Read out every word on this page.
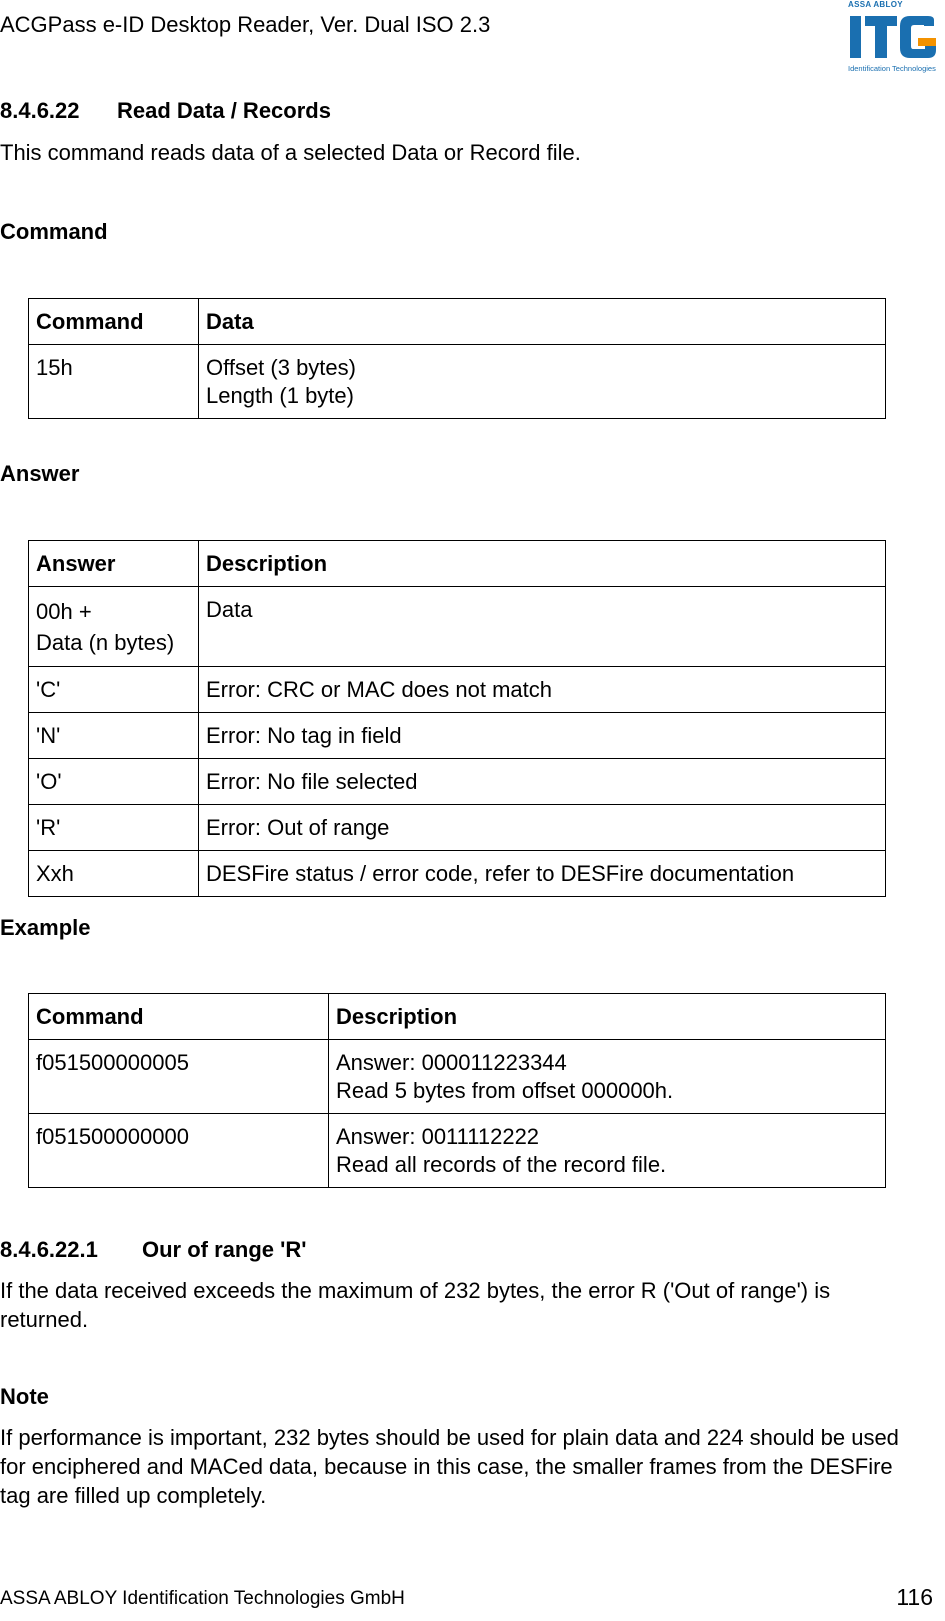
ACGPass e-ID Desktop Reader, Ver. Dual ISO 2.3
ASSA ABLOY
Identification Technologies
8.4.6.22 Read Data / Records
This command reads data of a selected Data or Record file.
Command
Command	Data
15h	Offset (3 bytes)
Length (1 byte)
Answer
Answer	Description

00h +
Data (n bytes)	Data
'C'	Error: CRC or MAC does not match
'N'	Error: No tag in field
'O'	Error: No file selected
'R'	Error: Out of range
Xxh	DESFire status / error code, refer to DESFire documentation
Example
Command	Description
f051500000005	Answer: 000011223344
Read 5 bytes from offset 000000h.

f051500000000	Answer: 0011112222
Read all records of the record file.
8.4.6.22.1 Our of range 'R'
If the data received exceeds the maximum of 232 bytes, the error R ('Out of range') is returned.
Note
If performance is important, 232 bytes should be used for plain data and 224 should be used for enciphered and MACed data, because in this case, the smaller frames from the DESFire tag are filled up completely.
ASSA ABLOY Identification Technologies GmbH	116
